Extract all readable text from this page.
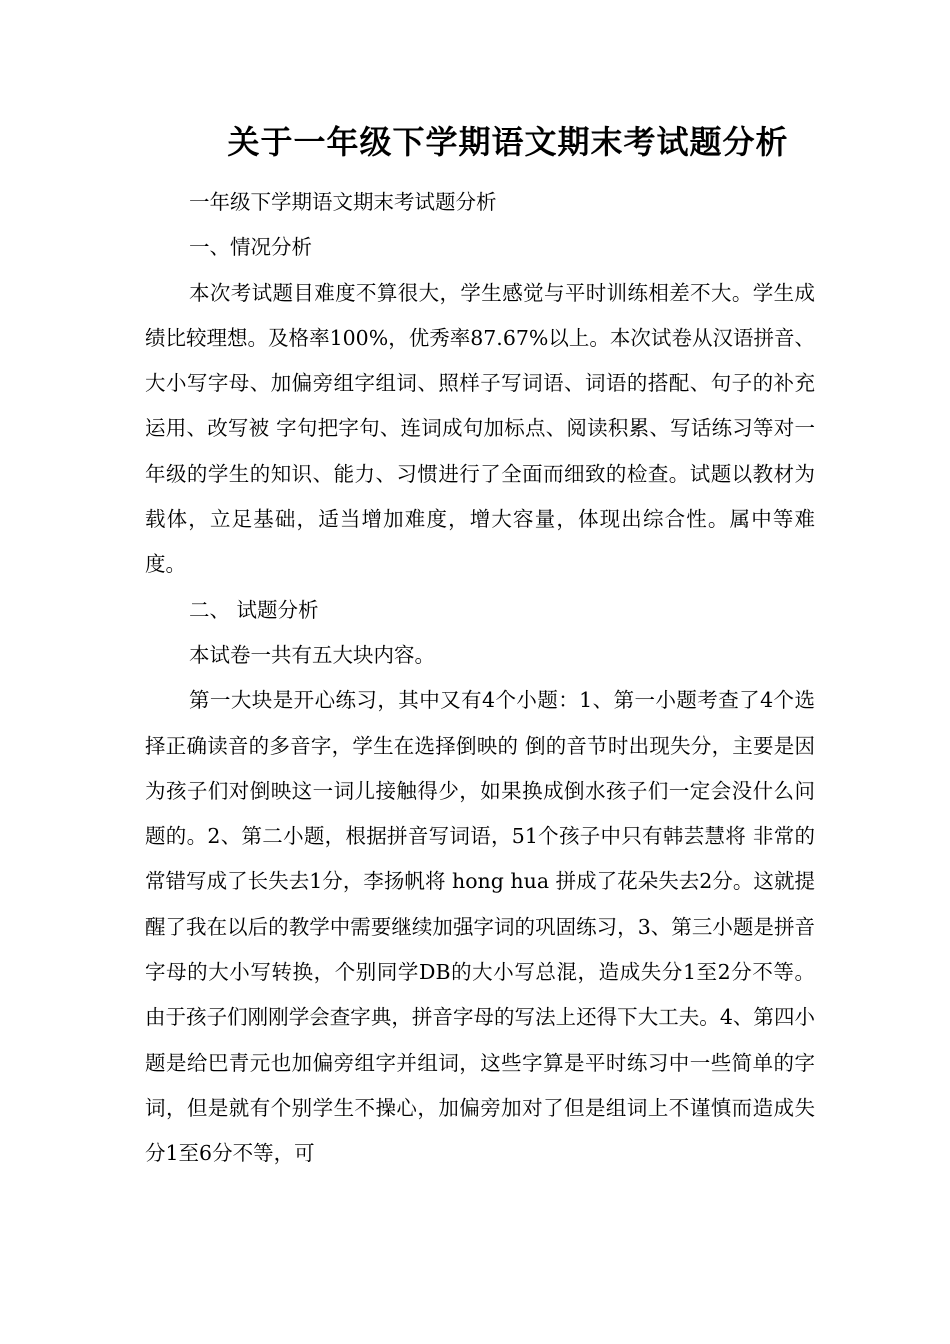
关于一年级下学期语文期末考试题分析

一年级下学期语文期末考试题分析

一、情况分析

本次考试题目难度不算很大，学生感觉与平时训练相差不大。学生成绩比较理想。及格率100%，优秀率87.67%以上。本次试卷从汉语拼音、大小写字母、加偏旁组字组词、照样子写词语、词语的搭配、句子的补充运用、改写被 字句把字句、连词成句加标点、阅读积累、写话练习等对一年级的学生的知识、能力、习惯进行了全面而细致的检查。试题以教材为载体，立足基础，适当增加难度，增大容量，体现出综合性。属中等难度。

二、 试题分析

本试卷一共有五大块内容。

第一大块是开心练习，其中又有4个小题：1、第一小题考查了4个选择正确读音的多音字，学生在选择倒映的 倒的音节时出现失分，主要是因为孩子们对倒映这一词儿接触得少，如果换成倒水孩子们一定会没什么问题的。2、第二小题，根据拼音写词语，51个孩子中只有韩芸慧将 非常的常错写成了长失去1分，李扬帆将 hong hua 拼成了花朵失去2分。这就提醒了我在以后的教学中需要继续加强字词的巩固练习，3、第三小题是拼音字母的大小写转换，个别同学DB的大小写总混，造成失分1至2分不等。由于孩子们刚刚学会查字典，拼音字母的写法上还得下大工夫。4、第四小题是给巴青元也加偏旁组字并组词，这些字算是平时练习中一些简单的字词，但是就有个别学生不操心，加偏旁加对了但是组词上不谨慎而造成失分1至6分不等，可
